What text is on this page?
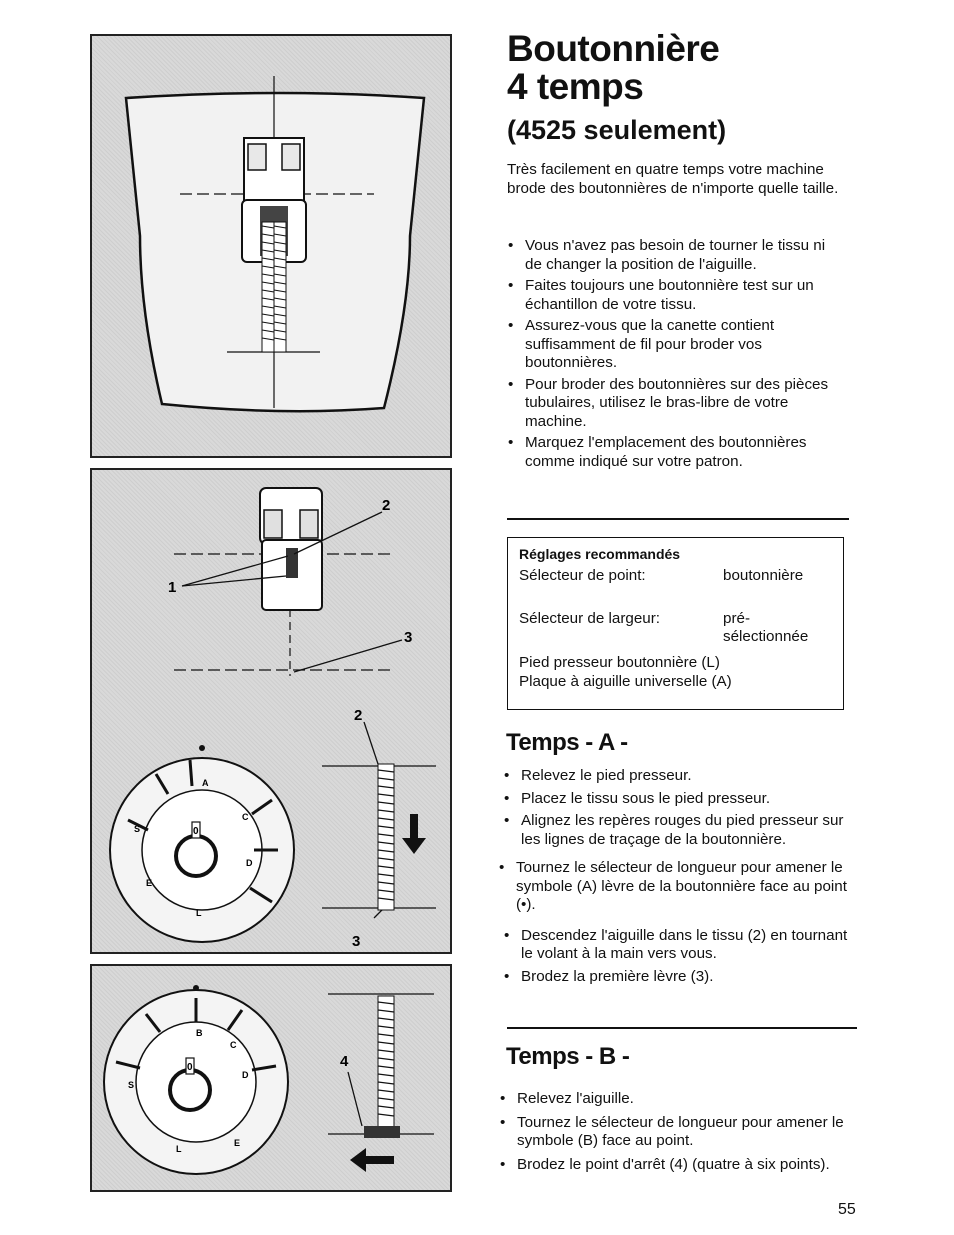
1
2
3
A
C
D
E
S
L
0
2
3
B
C
D
E
S
L
0	4
Boutonnière
4 temps
(4525 seulement)

Très facilement en quatre temps votre machine brode des boutonnières de n'importe quelle taille.

• Vous n'avez pas besoin de tourner le tissu ni de changer la position de l'aiguille.
• Faites toujours une boutonnière test sur un échantillon de votre tissu.
• Assurez-vous que la canette contient suffisamment de fil pour broder vos boutonnières.
• Pour broder des boutonnières sur des pièces tubulaires, utilisez le bras-libre de votre machine.
• Marquez l'emplacement des boutonnières comme indiqué sur votre patron.
Réglages recommandés
Sélecteur de point:	boutonnière
Sélecteur de largeur:	pré-
sélectionnée
Pied presseur boutonnière (L)
Plaque à aiguille universelle (A)
Temps - A -
• Relevez le pied presseur.
• Placez le tissu sous le pied presseur.
• Alignez les repères rouges du pied presseur sur les lignes de traçage de la boutonnière.
• Tournez le sélecteur de longueur pour amener le symbole (A) lèvre de la boutonnière face au point (•).
• Descendez l'aiguille dans le tissu (2) en tournant le volant à la main vers vous.
• Brodez la première lèvre (3).
Temps - B -
• Relevez l'aiguille.
• Tournez le sélecteur de longueur pour amener le symbole (B) face au point.
• Brodez le point d'arrêt (4) (quatre à six points).
55
